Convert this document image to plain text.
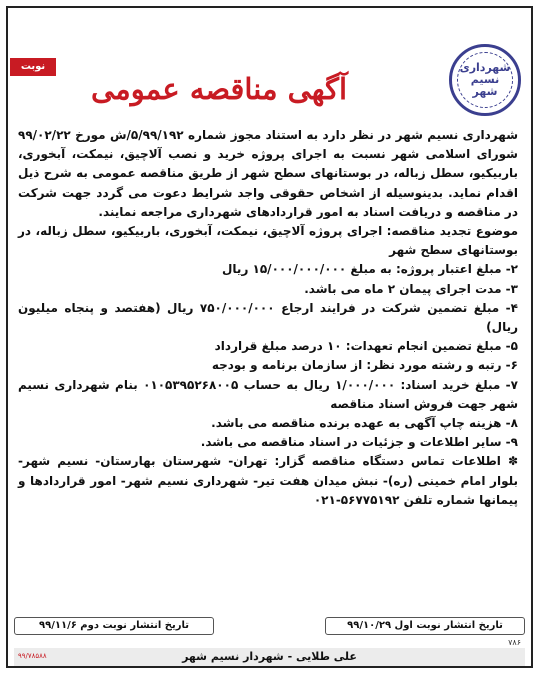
نوبت دوم
شهرداری نسیم شهر
آگهی مناقصه عمومی

شهرداری نسیم شهر در نظر دارد به استناد مجوز شماره ۵/۹۹/۱۹۲/ش مورخ ۹۹/۰۲/۲۲ شورای اسلامی شهر نسبت به اجرای پروژه خرید و نصب آلاچیق، نیمکت، آبخوری، باربیکیو، سطل زباله، در بوستانهای سطح شهر از طریق مناقصه عمومی به شرح ذیل اقدام نماید. بدینوسیله از اشخاص حقوقی واجد شرایط دعوت می گردد جهت شرکت در مناقصه و دریافت اسناد به امور قراردادهای شهرداری مراجعه نمایند.

موضوع تجدید مناقصه: اجرای پروژه آلاچیق، نیمکت، آبخوری، باربیکیو، سطل زباله، در بوستانهای سطح شهر

۲- مبلغ اعتبار پروژه: به مبلغ ۱۵/۰۰۰/۰۰۰/۰۰۰ ریال

۳- مدت اجرای پیمان ۲ ماه می باشد.

۴- مبلغ تضمین شرکت در فرایند ارجاع ۷۵۰/۰۰۰/۰۰۰ ریال (هفتصد و پنجاه میلیون ریال)

۵- مبلغ تضمین انجام تعهدات: ۱۰ درصد مبلغ قرارداد

۶- رتبه و رشته مورد نظر: از سازمان برنامه و بودجه

۷- مبلغ خرید اسناد: ۱/۰۰۰/۰۰۰ ریال به حساب ۰۱۰۵۳۹۵۲۶۸۰۰۵ بنام شهرداری نسیم شهر جهت فروش اسناد مناقصه

۸- هزینه چاپ آگهی به عهده برنده مناقصه می باشد.

۹- سایر اطلاعات و جزئیات در اسناد مناقصه می باشد.

✽ اطلاعات تماس دستگاه مناقصه گزار: تهران- شهرستان بهارستان- نسیم شهر- بلوار امام خمینی (ره)- نبش میدان هفت تیر- شهرداری نسیم شهر- امور قراردادها و پیمانها شماره تلفن ۵۶۷۷۵۱۹۲-۰۲۱

تاریخ انتشار نوبت اول ۹۹/۱۰/۲۹
تاریخ انتشار نوبت دوم ۹۹/۱۱/۶
۷۸۶
علی طلایی - شهردار نسیم شهر
۹۹/۷۸۵۸۸
